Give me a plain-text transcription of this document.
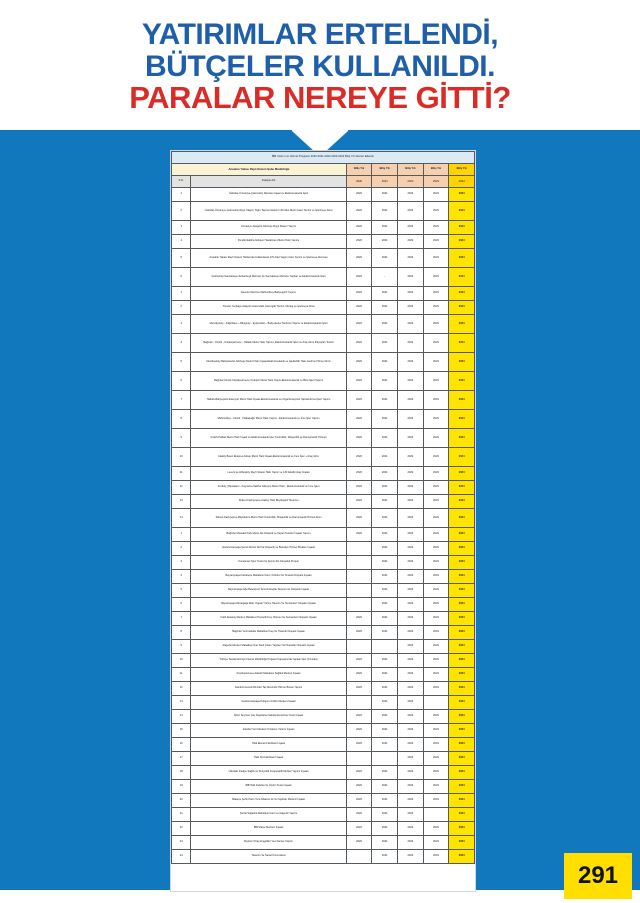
YATIRIMLAR ERTELENDİ,
BÜTÇELER KULLANILDI.
PARALAR NEREYE GİTTİ?
İBB Yatırım ve Hizmet Programı 2020-2021-2022-2023-2024 Bitiş Yılı Devam Edenler						
Anadolu Yakası Raylı Sistem Şube Müdürlüğü		Bitiş Yılı	Bitiş Yılı	Bitiş Yılı	Bitiş Yılı	Bitiş Yılı
S.N.	Faaliyet Adı	2020	2021	2022	2023	2024
1	Üsküdar-Ümraniye-Çekmeköy Metrosu İnşaat ve Elektromekanik İşleri	2020	2021	2022	2023	2024
2	Üsküdar-Ümraniye-Çekmeköy Raylı Ulaşım Toplu Taşıma Sistemi 120 Adet Metro Aracı Temini ve İşletmeye Alma	2020	2021	2022	2023	2024
3	Ümraniye-Ataşehir-Göztepe Raylı Sistem Yapımı	2020	2021	2022	2023	2024
4	Pendik-Sabiha Gökçen Havalimanı Metro Hattı Yapımı	2020	2021	2022	2023	2024
5	Anadolu Yakası Raylı Sistem Hatlarında Kullanılacak 170 Adet Vagon Aracı Temini ve İşletmeye Alınması	2020	2021	2022	2023	2024
6	Çekmeköy-Sancaktepe-Sultanbeyli Metrosu Ve Sancaktepe Metrosu Yapıları ve Elektromekanik İşleri	2020	-	2022	2023	2024
1	Esenler Metrosu Mahmutbey-Bahçeşehir Yapımı	2020	2021	2022	2023	2024
2	Tünelin Yenikapı-Ataşehir Arasındaki Güzergâh Temini, Montaj ve İşletmeye Alma	2020	2021	2022	2023	2024
3	Mecidiyeköy - Kâğıthane - Alibeyköy - Eyüpsultan - Bahçelievler Metrosu Yapımı ve Elektromekanik İşleri	2020	2021	2022	2023	2024
4	Bağcılar - Kirazlı - Küçükçekmece - Halkalı Metro Hattı Yapımı, Elektromekanik İşleri ve Araç Alımı İhtiyaçları Temini	2020	2021	2022	2023	2024
5	Mecidiyeköy-Bahçelievler-Göztepe Metro Hattı İnşaat-Elektromekanik ve İşletilebilir Hale Getirme Hizmet Alımı	2020	2021	2022	2023	2024
6	Bağcılar-Kirazlı-Küçükçekmece Yerleşim Metro Hattı Yapım-Elektromekanik ve Bina İşleri Yapımı	2020	2021	2022	2023	2024
7	Halkalı-Bahçeşehir-Esenyurt Metro Hattı İnşaat-Elektromekanik ve Organizasyonel Yapılandırma İşleri Yapımı	2020	2021	2022	2023	2024
8	Mahmutbey - Kirazlı - Halkalıoğlu Metro Hattı Yapımı - Elektromekanik ve İnce İşler Yapımı	2020	2021	2022	2023	2024
9	Kirazlı-Halkalı Metro Hattı İnşaat ve Elektromekanik İşler Kontrollük, Müşavirlik ve Danışmanlık Hizmeti	2020	2021	2022	2023	2024
10	Ataköy Basın Ekspres Adnan Metro Hattı İnşaat-Elektromekanik ve İnce İşler + Araç Alımı	2020	2021	2022	2023	2024
11	Levent ve Alibeyköy Raylı Sistem Hattı Yapım ve 132 Adetlik Araç İmalatı	2020	2021	2022	2023	2024
12	Kurtköy (Havaalanı - Kaynarca Sabiha Gökçen) Metro Hattı - Elektromekanik ve İnce İşleri	2020	2021	2022	2023	2024
13	Sirkeci-Kazlıçeşme-Ataköy Hattı Büyükşehir Metrosu	2020	2021	2022	2023	2024
14	Sirkeci-Kazlıçeşme-Büyükdere Metro Hattı Kontrollük, Müşavirlik ve Danışmanlık Hizmet Alımı	2020	2021	2022	2023	2024
1	Bağcılar Mustakil Park Metro Altı Otopark ve Kapalı Tesisler İnşaatı Yapımı	2020	2021	2022	2023	2024
2	Gaziosmanpaşa Şemsi Ahmet Alt Kat Otoparkı ve Belediye Hizmet Binaları İnşaatı		2021	2022	2023	2024
3	Kocasinan Spor Tesisi Ve Zemin Altı Otoparklı Projesi		2021	2022	2023	2024
4	Bayrampaşa Kartaltepe Mahallesi Cami, Kültürel Ve Ticaretli Otopark İnşaatı		2021	2022	2023	2024
5	Bayrampaşa Ağa Belediyesi Temelli Araçlar Deposu Ve Otoparkı İnşaatı		2021	2022	2023	2024
6	Bayrampaşa Muratpaşa Mah. Kapalı Yüzme Havuzu Ve Semtevleri Otoparkı İnşaatı		2021	2022	2023	2024
7	Fatih Aksaray Merkez Mahallesi Ticaretli Kreş, Bürosu Ve Semtevleri Otoparkı İnşaatı	2020	2021	2022	2023	2024
8	Bağcılar Yenimahalle Mahallesi Kreş Ve Ticaretli Otopark İnşaatı	2020	2021	2022	2023	2024
9	Ataşehir Merkez Mahallesi İmar Kadı Çıkarı Yapılan Yol Otoparklı Otoparkı İnşaatı			2022	2023	2024
10	Türkiye Sanatlı Emniyet Genel Müdürlüğü Projeleri Kapsamında Yapılan Işler (12 Adet)	2020	2021	2022	2023	2024
11	Küçükçekmece Atatürk Mahallesi Sağlıklı Merkez İnşaatı	2020	2021	2022	2023	2024
12	İstanbul Genelli 94 Adet Taş Mevcutlu Hizmet Binası Yapımı	2020	2021	2022	2023	2024
13	Gaziosmanpaşa Poligonu Kültür Merkezi İnşaatı		2021	2022		2024
14	Silivri Seymen Çay Depolama Sahasında Antrex Tesis İnşaatı	2020	2021	2022	2023	2024
15	İstanbul Veri Merkezi Yenileme Yatırım İnşaatı	2020	2021	2022	2023	2024
16	Halk Ekmek Fabrikası İnşaatı	2020	2021	2022	2023	2024
17	Halk Süt Fabrikası İnşaatı			2022	2023	2024
18	Üsküdar İcadiye Sağlık ve Periyodik Kooperatifli Merkez Yapımı İnşaatı	2020	2021	2022	2023	2024
19	İBB Halk Fabrika Ve Üretim Tesisi İnşaatı	2020	2021	2022	2023	2024
20	Maltepe Şehir Parkı Yeni Albatros Ve Su Sporları Merkezi İnşaatı	2020	2021	2022	2023	2024
21	Kartal Soğanlık Mahallesi Cami ve Ataşehir Yapımı	2020	2021	2022		2024
22	İBB İtfaiye Merkezi İnşaatı	2020	2021	2022	2023	2024
23	Beykoz Ortaç Engelliler Yeni Kampı Yapımı	2020	2021	2022	2023	2024
24	Tasarım Ve Sanat Üniversitesi		2021	2022	2023	2024
291
